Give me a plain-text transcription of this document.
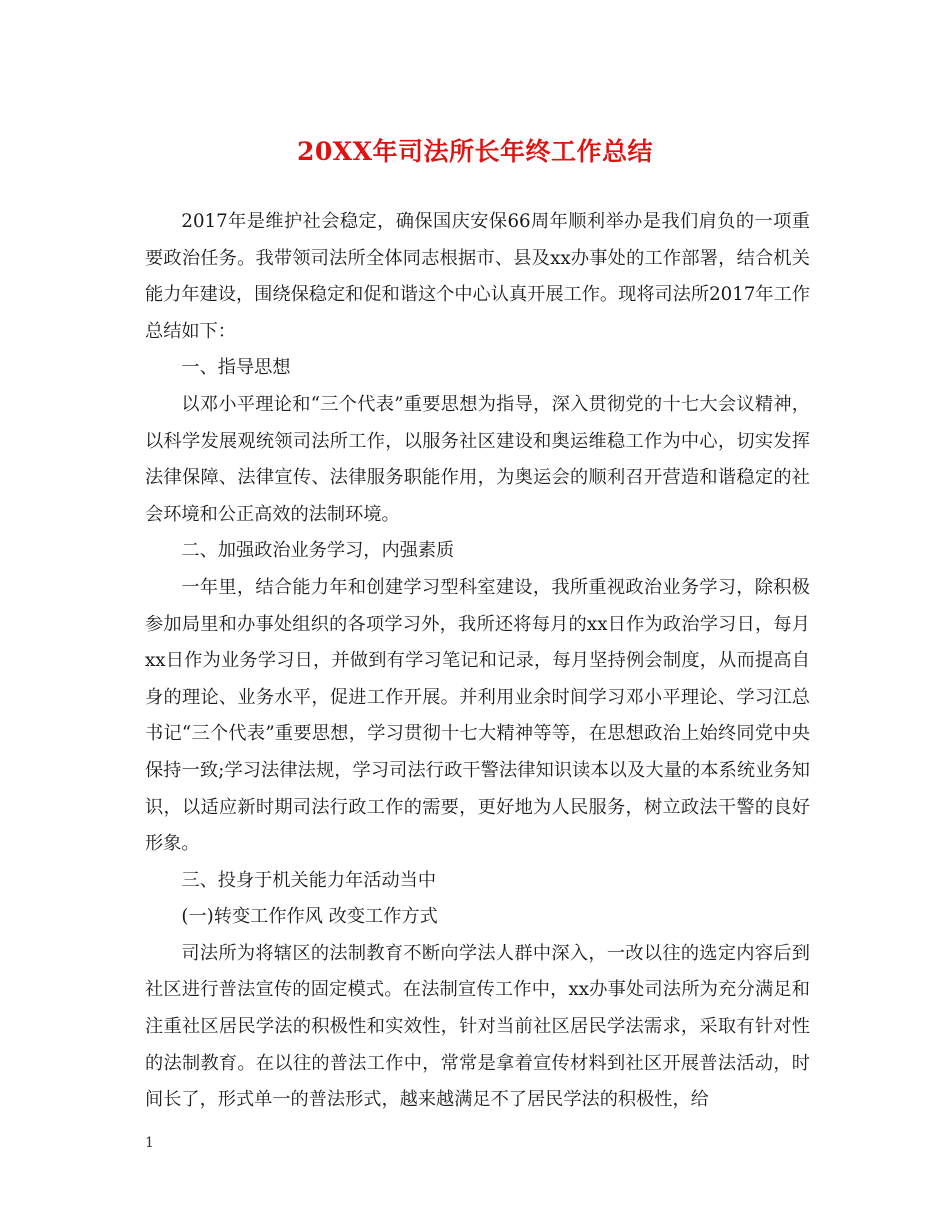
20XX年司法所长年终工作总结

2017年是维护社会稳定，确保国庆安保66周年顺利举办是我们肩负的一项重要政治任务。我带领司法所全体同志根据市、县及xx办事处的工作部署，结合机关能力年建设，围绕保稳定和促和谐这个中心认真开展工作。现将司法所2017年工作总结如下：

一、指导思想

以邓小平理论和“三个代表”重要思想为指导，深入贯彻党的十七大会议精神，以科学发展观统领司法所工作，以服务社区建设和奥运维稳工作为中心，切实发挥法律保障、法律宣传、法律服务职能作用，为奥运会的顺利召开营造和谐稳定的社会环境和公正高效的法制环境。

二、加强政治业务学习，内强素质

一年里，结合能力年和创建学习型科室建设，我所重视政治业务学习，除积极参加局里和办事处组织的各项学习外，我所还将每月的xx日作为政治学习日，每月xx日作为业务学习日，并做到有学习笔记和记录，每月坚持例会制度，从而提高自身的理论、业务水平，促进工作开展。并利用业余时间学习邓小平理论、学习江总书记“三个代表”重要思想，学习贯彻十七大精神等等，在思想政治上始终同党中央保持一致;学习法律法规，学习司法行政干警法律知识读本以及大量的本系统业务知识，以适应新时期司法行政工作的需要，更好地为人民服务，树立政法干警的良好形象。

三、投身于机关能力年活动当中

(一)转变工作作风 改变工作方式

司法所为将辖区的法制教育不断向学法人群中深入，一改以往的选定内容后到社区进行普法宣传的固定模式。在法制宣传工作中，xx办事处司法所为充分满足和注重社区居民学法的积极性和实效性，针对当前社区居民学法需求，采取有针对性的法制教育。在以往的普法工作中，常常是拿着宣传材料到社区开展普法活动，时间长了，形式单一的普法形式，越来越满足不了居民学法的积极性，给

1
